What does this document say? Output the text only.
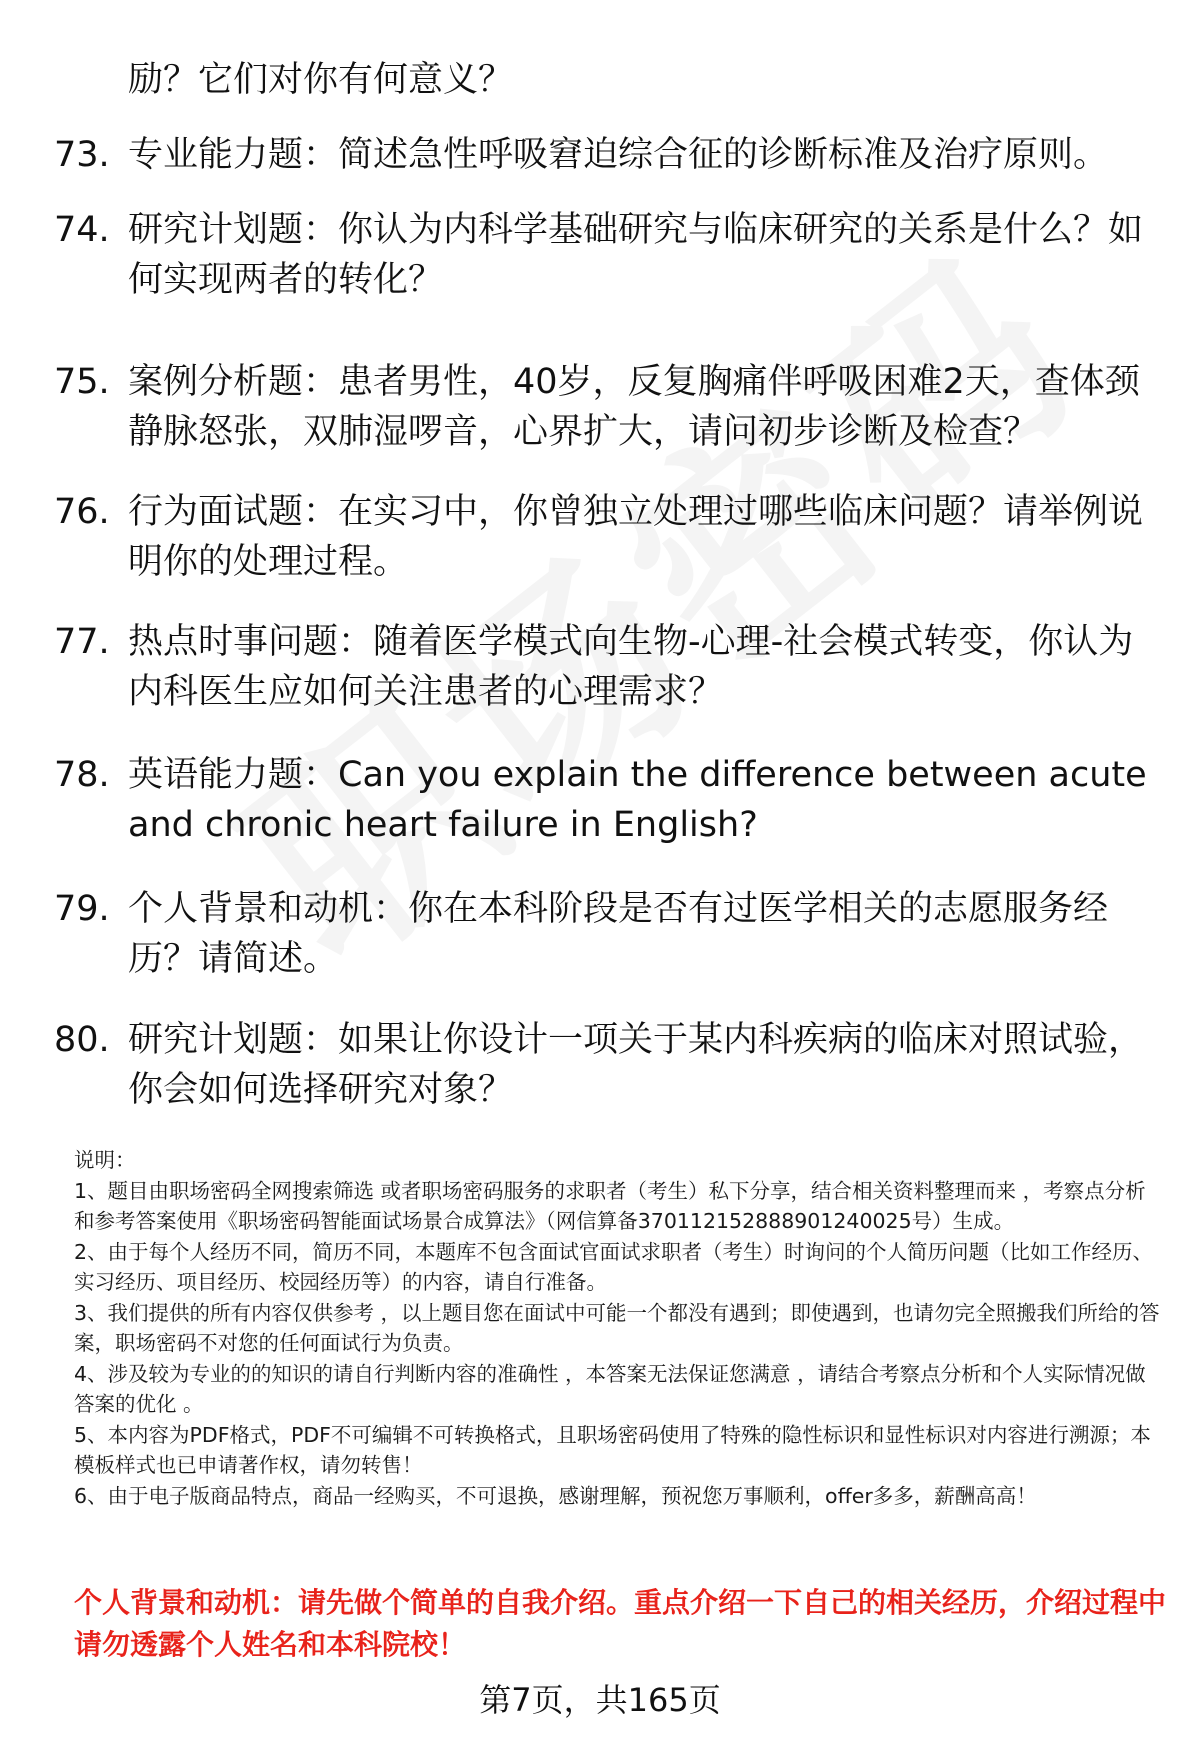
励？它们对你有何意义？
73. 专业能力题：简述急性呼吸窘迫综合征的诊断标准及治疗原则。
74. 研究计划题：你认为内科学基础研究与临床研究的关系是什么？如何实现两者的转化？
75. 案例分析题：患者男性，40岁，反复胸痛伴呼吸困难2天，查体颈静脉怒张，双肺湿啰音，心界扩大，请问初步诊断及检查？
76. 行为面试题：在实习中，你曾独立处理过哪些临床问题？请举例说明你的处理过程。
77. 热点时事问题：随着医学模式向生物-心理-社会模式转变，你认为内科医生应如何关注患者的心理需求？
78. 英语能力题：Can you explain the difference between acute and chronic heart failure in English?
79. 个人背景和动机：你在本科阶段是否有过医学相关的志愿服务经历？请简述。
80. 研究计划题：如果让你设计一项关于某内科疾病的临床对照试验，你会如何选择研究对象？

说明：

1、题目由职场密码全网搜索筛选 或者职场密码服务的求职者（考生）私下分享，结合相关资料整理而来 ，考察点分析和参考答案使用《职场密码智能面试场景合成算法》（网信算备370112152888901240025号）生成。

2、由于每个人经历不同，简历不同，本题库不包含面试官面试求职者（考生）时询问的个人简历问题（比如工作经历、实习经历、项目经历、校园经历等）的内容，请自行准备。

3、我们提供的所有内容仅供参考 ，以上题目您在面试中可能一个都没有遇到；即使遇到，也请勿完全照搬我们所给的答案，职场密码不对您的任何面试行为负责。

4、涉及较为专业的的知识的请自行判断内容的准确性 ，本答案无法保证您满意 ，请结合考察点分析和个人实际情况做答案的优化 。

5、本内容为PDF格式，PDF不可编辑不可转换格式，且职场密码使用了特殊的隐性标识和显性标识对内容进行溯源；本模板样式也已申请著作权，请勿转售！

6、由于电子版商品特点，商品一经购买，不可退换，感谢理解，预祝您万事顺利，offer多多，薪酬高高！

个人背景和动机：请先做个简单的自我介绍。重点介绍一下自己的相关经历，介绍过程中请勿透露个人姓名和本科院校！
第7页，共165页
